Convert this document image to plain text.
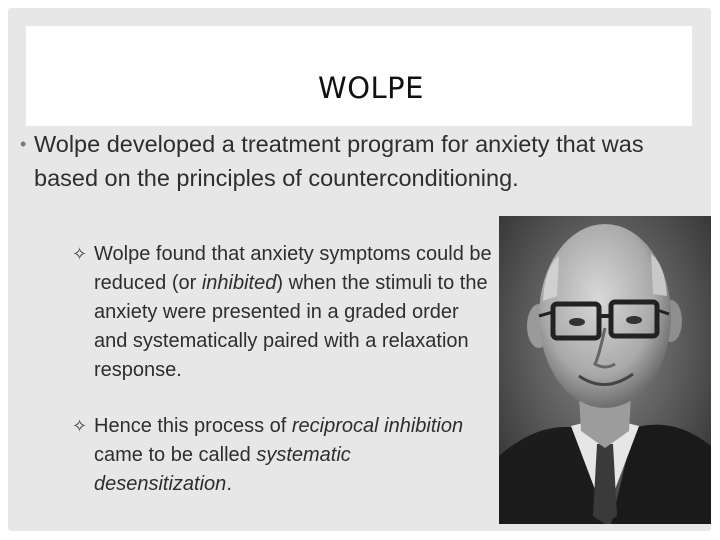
WOLPE
• Wolpe developed a treatment program for anxiety that was based on the principles of counterconditioning.
✧ Wolpe found that anxiety symptoms could be reduced (or inhibited) when the stimuli to the anxiety were presented in a graded order and systematically paired with a relaxation response.
✧ Hence this process of reciprocal inhibition came to be called systematic desensitization.
